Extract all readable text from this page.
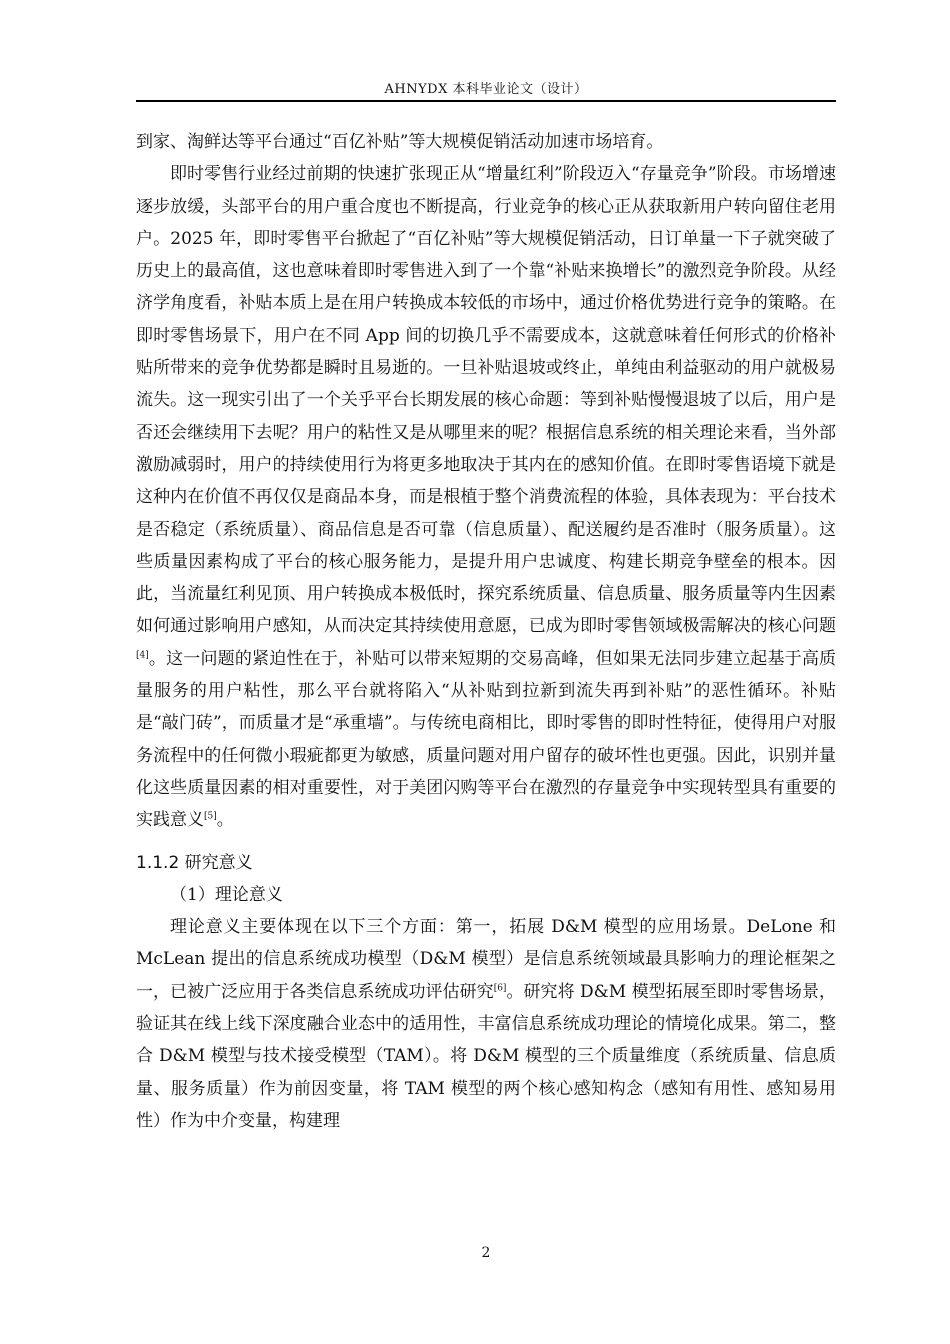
AHNYDX 本科毕业论文（设计）

到家、淘鲜达等平台通过“百亿补贴”等大规模促销活动加速市场培育。

即时零售行业经过前期的快速扩张现正从“增量红利”阶段迈入“存量竞争”阶段。市场增速逐步放缓，头部平台的用户重合度也不断提高，行业竞争的核心正从获取新用户转向留住老用户。2025 年，即时零售平台掀起了“百亿补贴”等大规模促销活动，日订单量一下子就突破了历史上的最高值，这也意味着即时零售进入到了一个靠“补贴来换增长”的激烈竞争阶段。从经济学角度看，补贴本质上是在用户转换成本较低的市场中，通过价格优势进行竞争的策略。在即时零售场景下，用户在不同 App 间的切换几乎不需要成本，这就意味着任何形式的价格补贴所带来的竞争优势都是瞬时且易逝的。一旦补贴退坡或终止，单纯由利益驱动的用户就极易流失。这一现实引出了一个关乎平台长期发展的核心命题：等到补贴慢慢退坡了以后，用户是否还会继续用下去呢？用户的粘性又是从哪里来的呢？根据信息系统的相关理论来看，当外部激励减弱时，用户的持续使用行为将更多地取决于其内在的感知价值。在即时零售语境下就是这种内在价值不再仅仅是商品本身，而是根植于整个消费流程的体验，具体表现为：平台技术是否稳定（系统质量）、商品信息是否可靠（信息质量）、配送履约是否准时（服务质量）。这些质量因素构成了平台的核心服务能力，是提升用户忠诚度、构建长期竞争壁垒的根本。因此，当流量红利见顶、用户转换成本极低时，探究系统质量、信息质量、服务质量等内生因素如何通过影响用户感知，从而决定其持续使用意愿，已成为即时零售领域极需解决的核心问题[4]。这一问题的紧迫性在于，补贴可以带来短期的交易高峰，但如果无法同步建立起基于高质量服务的用户粘性，那么平台就将陷入“从补贴到拉新到流失再到补贴”的恶性循环。补贴是“敲门砖”，而质量才是“承重墙”。与传统电商相比，即时零售的即时性特征，使得用户对服务流程中的任何微小瑕疵都更为敏感，质量问题对用户留存的破坏性也更强。因此，识别并量化这些质量因素的相对重要性，对于美团闪购等平台在激烈的存量竞争中实现转型具有重要的实践意义[5]。

1.1.2 研究意义

（1）理论意义

理论意义主要体现在以下三个方面：第一，拓展 D&M 模型的应用场景。DeLone 和 McLean 提出的信息系统成功模型（D&M 模型）是信息系统领域最具影响力的理论框架之一，已被广泛应用于各类信息系统成功评估研究[6]。研究将 D&M 模型拓展至即时零售场景，验证其在线上线下深度融合业态中的适用性，丰富信息系统成功理论的情境化成果。第二，整合 D&M 模型与技术接受模型（TAM）。将 D&M 模型的三个质量维度（系统质量、信息质量、服务质量）作为前因变量，将 TAM 模型的两个核心感知构念（感知有用性、感知易用性）作为中介变量，构建理

2
